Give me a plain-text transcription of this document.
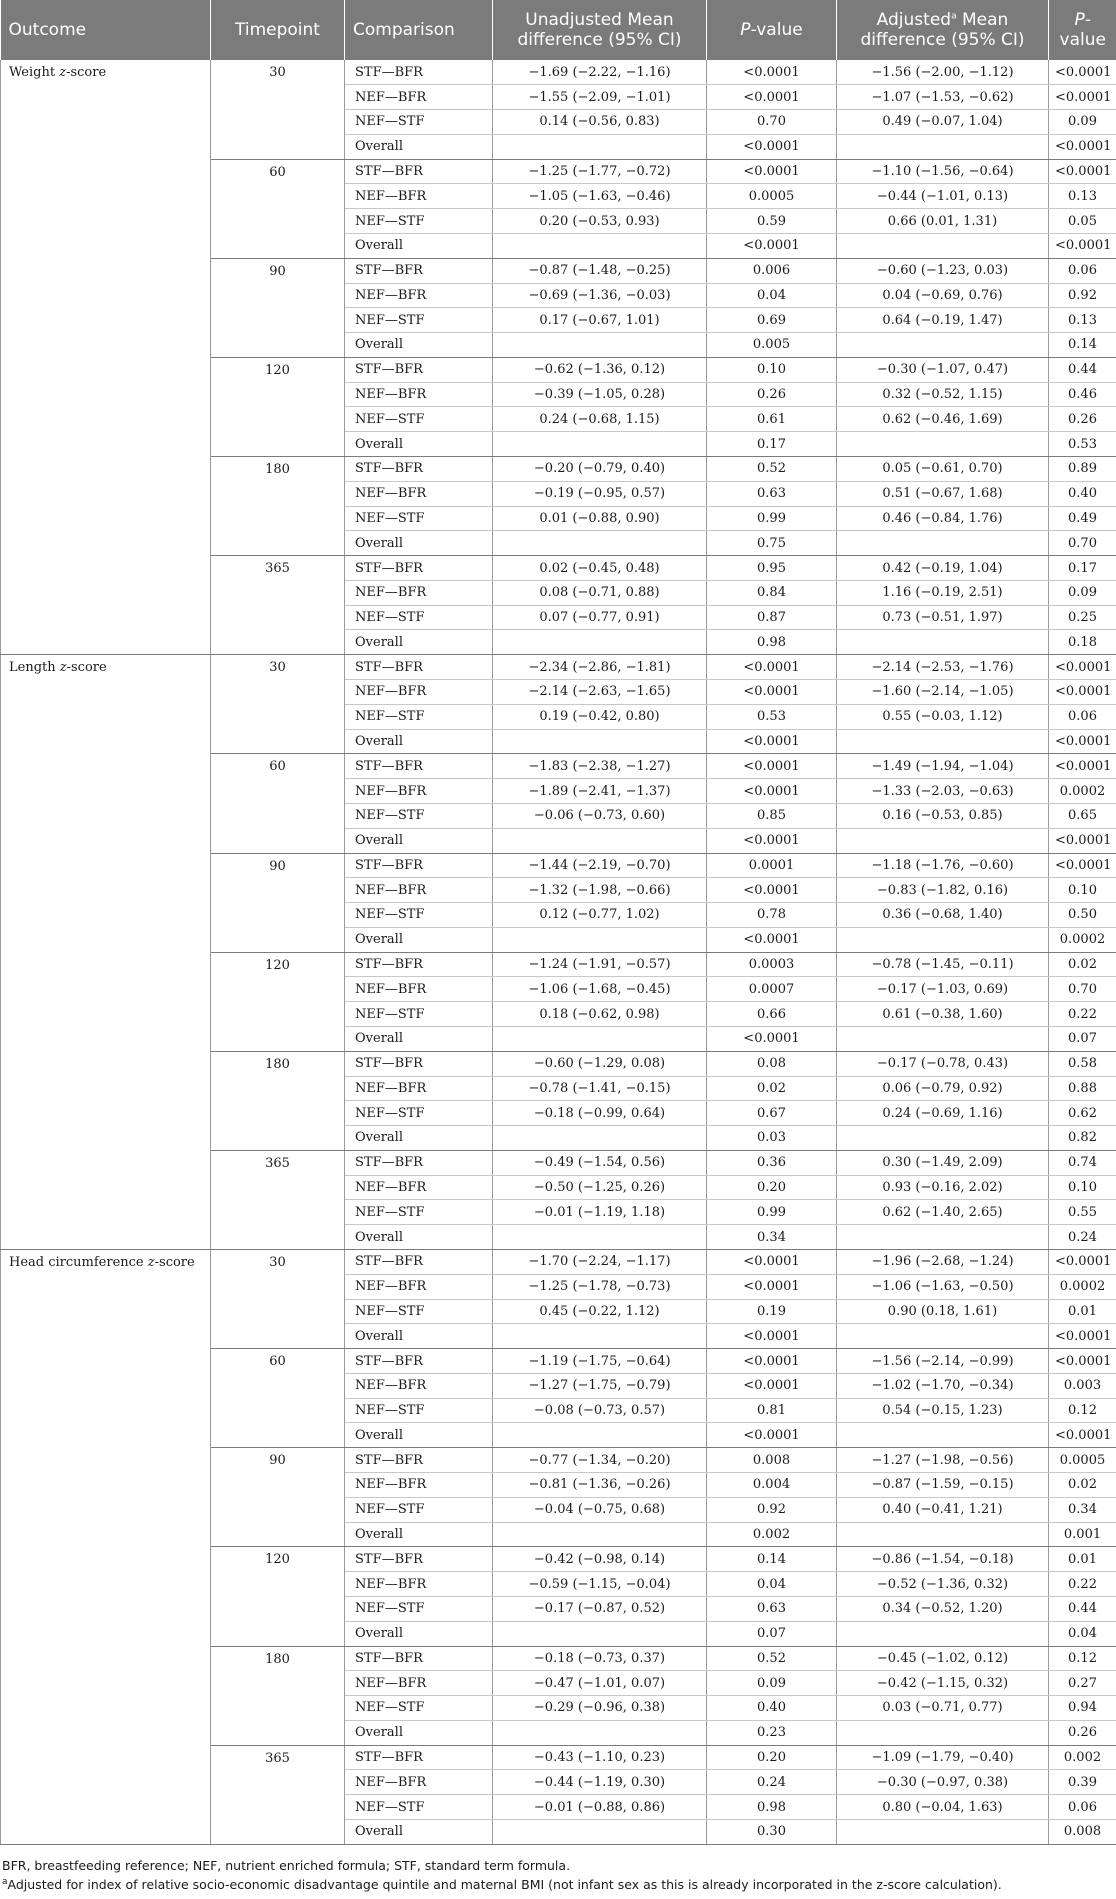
Outcome	Timepoint	Comparison	Unadjusted Mean
difference (95% CI)	P-value	Adjusted$^a$ Mean
difference (95% CI)	P-value
Weight z-score	30	STF—BFR	−1.69 (−2.22, −1.16)	<0.0001	−1.56 (−2.00, −1.12)	<0.0001
		NEF—BFR	−1.55 (−2.09, −1.01)	<0.0001	−1.07 (−1.53, −0.62)	<0.0001
		NEF—STF	0.14 (−0.56, 0.83)	0.70	0.49 (−0.07, 1.04)	0.09
		Overall		<0.0001		<0.0001
	60	STF—BFR	−1.25 (−1.77, −0.72)	<0.0001	−1.10 (−1.56, −0.64)	<0.0001
		NEF—BFR	−1.05 (−1.63, −0.46)	0.0005	−0.44 (−1.01, 0.13)	0.13
		NEF—STF	0.20 (−0.53, 0.93)	0.59	0.66 (0.01, 1.31)	0.05
		Overall		<0.0001		<0.0001
	90	STF—BFR	−0.87 (−1.48, −0.25)	0.006	−0.60 (−1.23, 0.03)	0.06
		NEF—BFR	−0.69 (−1.36, −0.03)	0.04	0.04 (−0.69, 0.76)	0.92
		NEF—STF	0.17 (−0.67, 1.01)	0.69	0.64 (−0.19, 1.47)	0.13
		Overall		0.005		0.14
	120	STF—BFR	−0.62 (−1.36, 0.12)	0.10	−0.30 (−1.07, 0.47)	0.44
		NEF—BFR	−0.39 (−1.05, 0.28)	0.26	0.32 (−0.52, 1.15)	0.46
		NEF—STF	0.24 (−0.68, 1.15)	0.61	0.62 (−0.46, 1.69)	0.26
		Overall		0.17		0.53
	180	STF—BFR	−0.20 (−0.79, 0.40)	0.52	0.05 (−0.61, 0.70)	0.89
		NEF—BFR	−0.19 (−0.95, 0.57)	0.63	0.51 (−0.67, 1.68)	0.40
		NEF—STF	0.01 (−0.88, 0.90)	0.99	0.46 (−0.84, 1.76)	0.49
		Overall		0.75		0.70
	365	STF—BFR	0.02 (−0.45, 0.48)	0.95	0.42 (−0.19, 1.04)	0.17
		NEF—BFR	0.08 (−0.71, 0.88)	0.84	1.16 (−0.19, 2.51)	0.09
		NEF—STF	0.07 (−0.77, 0.91)	0.87	0.73 (−0.51, 1.97)	0.25
		Overall		0.98		0.18
Length z-score	30	STF—BFR	−2.34 (−2.86, −1.81)	<0.0001	−2.14 (−2.53, −1.76)	<0.0001
		NEF—BFR	−2.14 (−2.63, −1.65)	<0.0001	−1.60 (−2.14, −1.05)	<0.0001
		NEF—STF	0.19 (−0.42, 0.80)	0.53	0.55 (−0.03, 1.12)	0.06
		Overall		<0.0001		<0.0001
	60	STF—BFR	−1.83 (−2.38, −1.27)	<0.0001	−1.49 (−1.94, −1.04)	<0.0001
		NEF—BFR	−1.89 (−2.41, −1.37)	<0.0001	−1.33 (−2.03, −0.63)	0.0002
		NEF—STF	−0.06 (−0.73, 0.60)	0.85	0.16 (−0.53, 0.85)	0.65
		Overall		<0.0001		<0.0001
	90	STF—BFR	−1.44 (−2.19, −0.70)	0.0001	−1.18 (−1.76, −0.60)	<0.0001
		NEF—BFR	−1.32 (−1.98, −0.66)	<0.0001	−0.83 (−1.82, 0.16)	0.10
		NEF—STF	0.12 (−0.77, 1.02)	0.78	0.36 (−0.68, 1.40)	0.50
		Overall		<0.0001		0.0002
	120	STF—BFR	−1.24 (−1.91, −0.57)	0.0003	−0.78 (−1.45, −0.11)	0.02
		NEF—BFR	−1.06 (−1.68, −0.45)	0.0007	−0.17 (−1.03, 0.69)	0.70
		NEF—STF	0.18 (−0.62, 0.98)	0.66	0.61 (−0.38, 1.60)	0.22
		Overall		<0.0001		0.07
	180	STF—BFR	−0.60 (−1.29, 0.08)	0.08	−0.17 (−0.78, 0.43)	0.58
		NEF—BFR	−0.78 (−1.41, −0.15)	0.02	0.06 (−0.79, 0.92)	0.88
		NEF—STF	−0.18 (−0.99, 0.64)	0.67	0.24 (−0.69, 1.16)	0.62
		Overall		0.03		0.82
	365	STF—BFR	−0.49 (−1.54, 0.56)	0.36	0.30 (−1.49, 2.09)	0.74
		NEF—BFR	−0.50 (−1.25, 0.26)	0.20	0.93 (−0.16, 2.02)	0.10
		NEF—STF	−0.01 (−1.19, 1.18)	0.99	0.62 (−1.40, 2.65)	0.55
		Overall		0.34		0.24
Head circumference z-score	30	STF—BFR	−1.70 (−2.24, −1.17)	<0.0001	−1.96 (−2.68, −1.24)	<0.0001
		NEF—BFR	−1.25 (−1.78, −0.73)	<0.0001	−1.06 (−1.63, −0.50)	0.0002
		NEF—STF	0.45 (−0.22, 1.12)	0.19	0.90 (0.18, 1.61)	0.01
		Overall		<0.0001		<0.0001
	60	STF—BFR	−1.19 (−1.75, −0.64)	<0.0001	−1.56 (−2.14, −0.99)	<0.0001
		NEF—BFR	−1.27 (−1.75, −0.79)	<0.0001	−1.02 (−1.70, −0.34)	0.003
		NEF—STF	−0.08 (−0.73, 0.57)	0.81	0.54 (−0.15, 1.23)	0.12
		Overall		<0.0001		<0.0001
	90	STF—BFR	−0.77 (−1.34, −0.20)	0.008	−1.27 (−1.98, −0.56)	0.0005
		NEF—BFR	−0.81 (−1.36, −0.26)	0.004	−0.87 (−1.59, −0.15)	0.02
		NEF—STF	−0.04 (−0.75, 0.68)	0.92	0.40 (−0.41, 1.21)	0.34
		Overall		0.002		0.001
	120	STF—BFR	−0.42 (−0.98, 0.14)	0.14	−0.86 (−1.54, −0.18)	0.01
		NEF—BFR	−0.59 (−1.15, −0.04)	0.04	−0.52 (−1.36, 0.32)	0.22
		NEF—STF	−0.17 (−0.87, 0.52)	0.63	0.34 (−0.52, 1.20)	0.44
		Overall		0.07		0.04
	180	STF—BFR	−0.18 (−0.73, 0.37)	0.52	−0.45 (−1.02, 0.12)	0.12
		NEF—BFR	−0.47 (−1.01, 0.07)	0.09	−0.42 (−1.15, 0.32)	0.27
		NEF—STF	−0.29 (−0.96, 0.38)	0.40	0.03 (−0.71, 0.77)	0.94
		Overall		0.23		0.26
	365	STF—BFR	−0.43 (−1.10, 0.23)	0.20	−1.09 (−1.79, −0.40)	0.002
		NEF—BFR	−0.44 (−1.19, 0.30)	0.24	−0.30 (−0.97, 0.38)	0.39
		NEF—STF	−0.01 (−0.88, 0.86)	0.98	0.80 (−0.04, 1.63)	0.06
		Overall		0.30		0.008
BFR, breastfeeding reference; NEF, nutrient enriched formula; STF, standard term formula.
$^a$Adjusted for index of relative socio-economic disadvantage quintile and maternal BMI (not infant sex as this is already incorporated in the z-score calculation).
